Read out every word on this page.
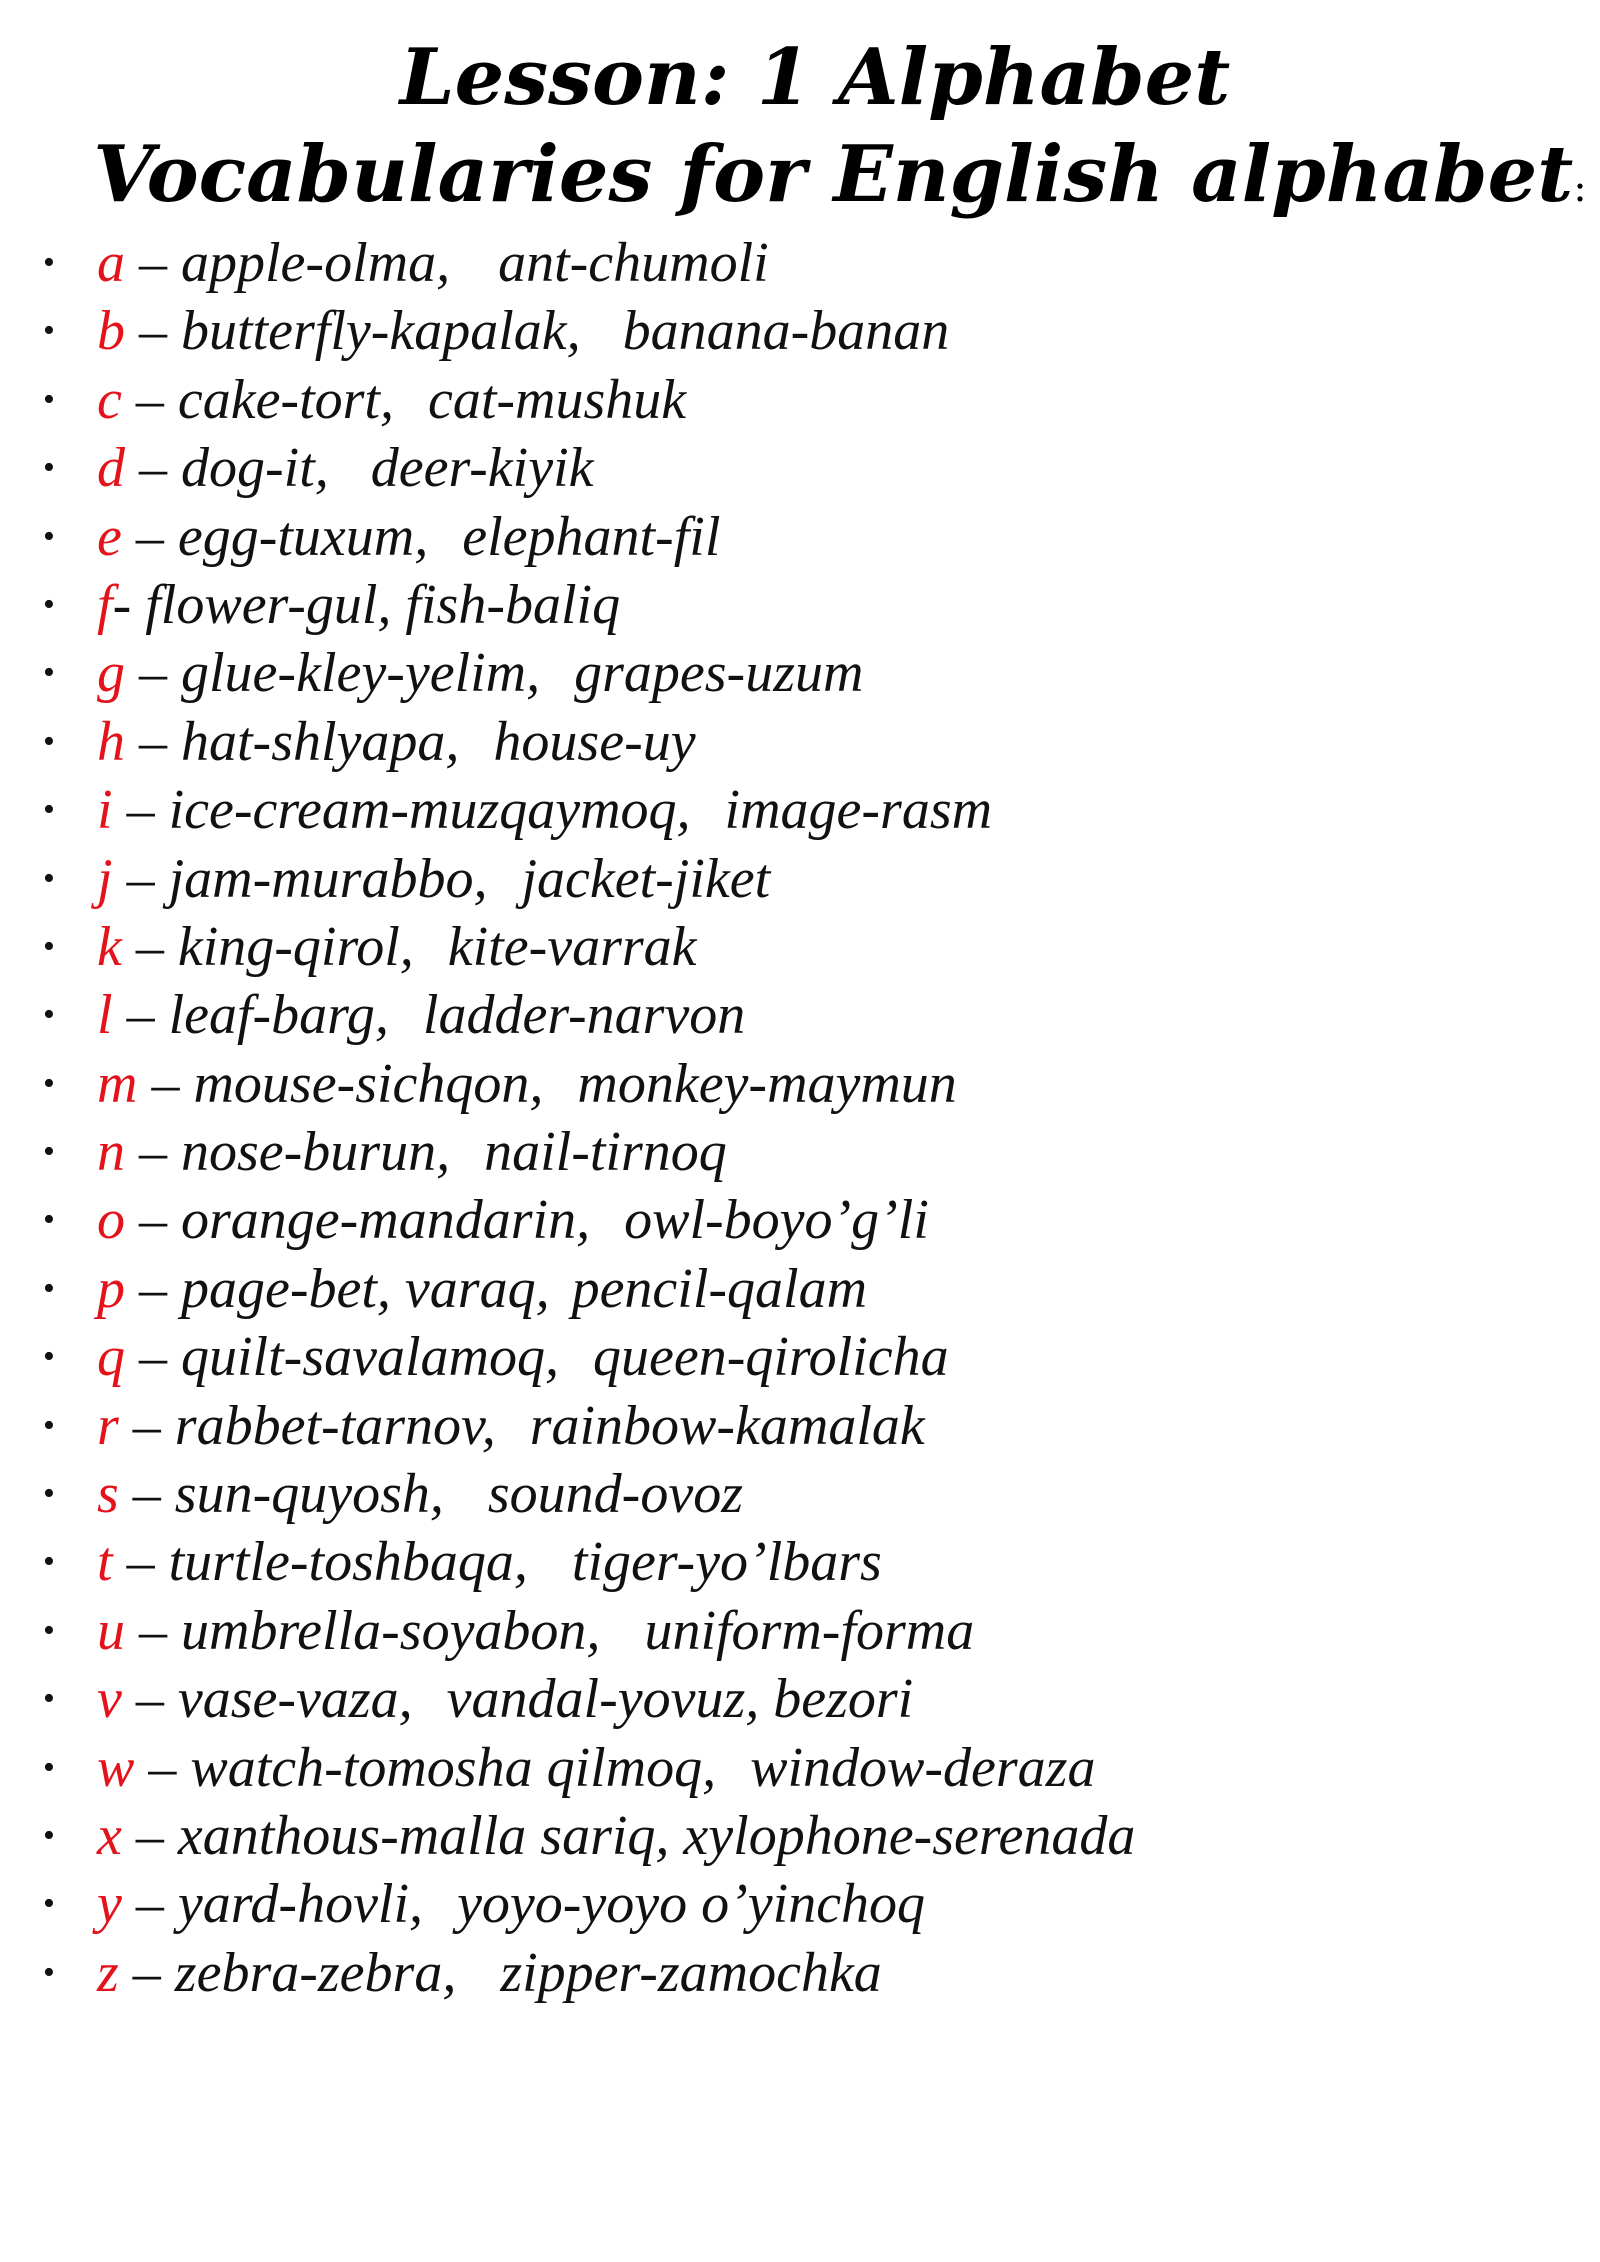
Lesson: 1 Alphabet
Vocabularies for English alphabet:
• a – apple-olma, ant-chumoli
• b – butterfly-kapalak, banana-banan
• c – cake-tort, cat-mushuk
• d – dog-it, deer-kiyik
• e – egg-tuxum, elephant-fil
• f- flower-gul, fish-baliq
• g – glue-kley-yelim, grapes-uzum
• h – hat-shlyapa, house-uy
• i – ice-cream-muzqaymoq, image-rasm
• j – jam-murabbo, jacket-jiket
• k – king-qirol, kite-varrak
• l – leaf-barg, ladder-narvon
• m – mouse-sichqon, monkey-maymun
• n – nose-burun, nail-tirnoq
• o – orange-mandarin, owl-boyo’g’li
• p – page-bet, varaq, pencil-qalam
• q – quilt-savalamoq, queen-qirolicha
• r – rabbet-tarnov, rainbow-kamalak
• s – sun-quyosh, sound-ovoz
• t – turtle-toshbaqa, tiger-yo’lbars
• u – umbrella-soyabon, uniform-forma
• v – vase-vaza, vandal-yovuz, bezori
• w – watch-tomosha qilmoq, window-deraza
• x – xanthous-malla sariq, xylophone-serenada
• y – yard-hovli, yoyo-yoyo o’yinchoq
• z – zebra-zebra, zipper-zamochka
